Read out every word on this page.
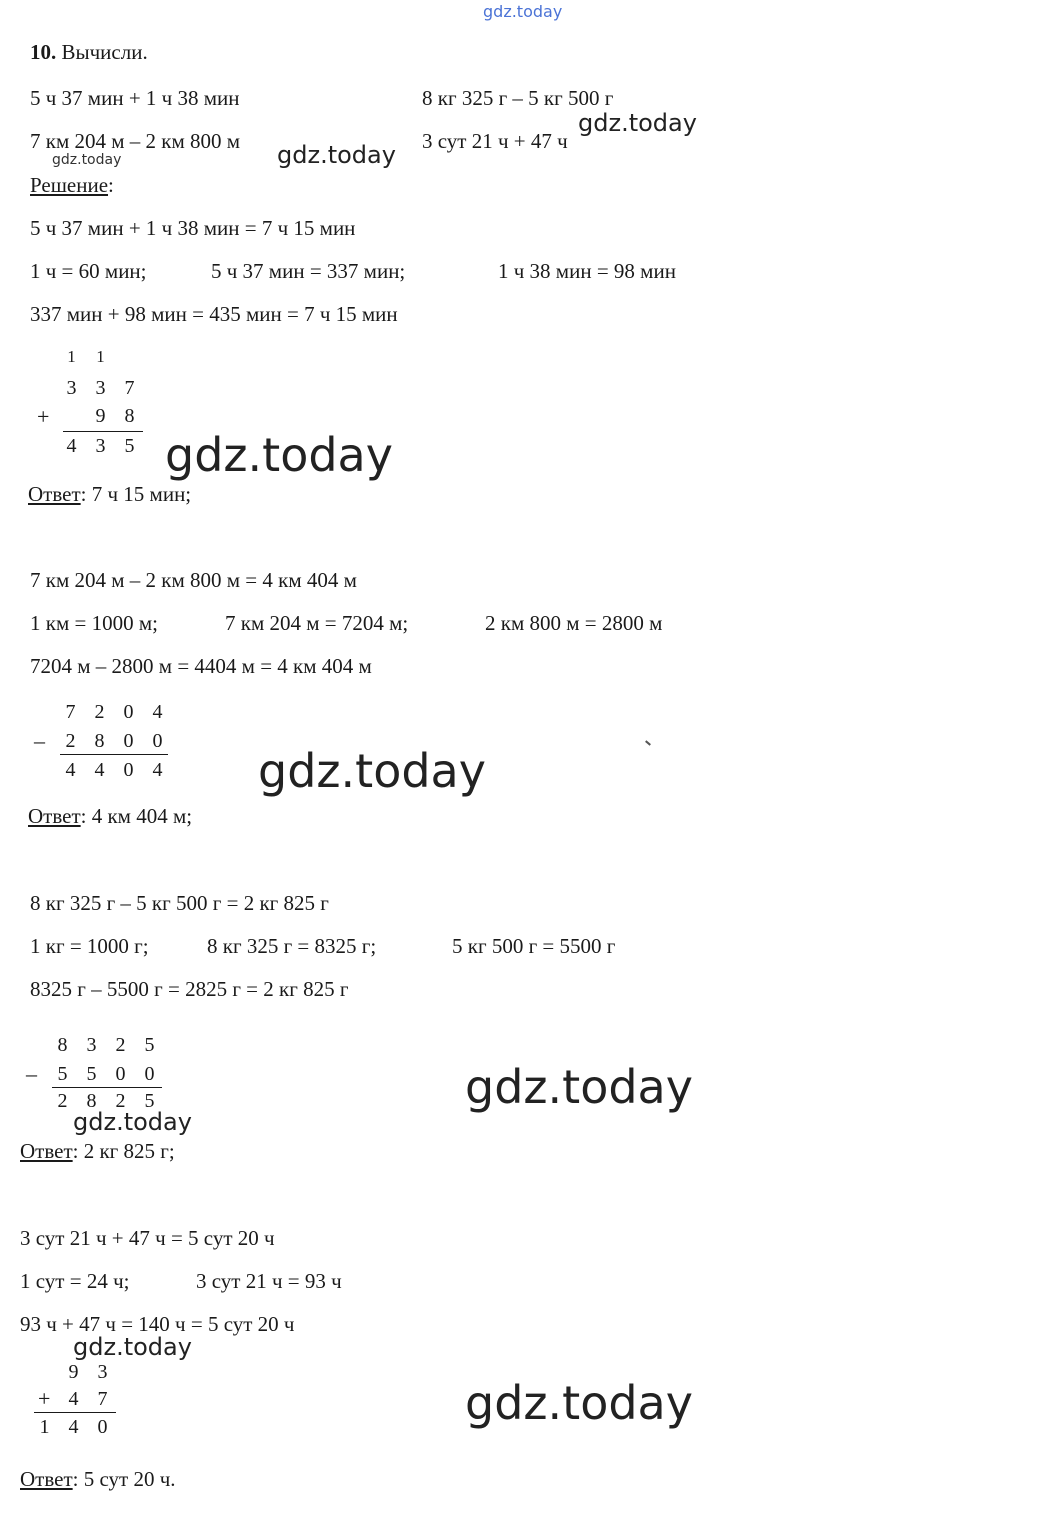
gdz.today
10. Вычисли.
5 ч 37 мин + 1 ч 38 мин	8 кг 325 г – 5 кг 500 г
7 км 204 м – 2 км 800 м	3 сут 21 ч + 47 ч
gdz.today
gdz.today
gdz.today
Решение:
5 ч 37 мин + 1 ч 38 мин = 7 ч 15 мин
1 ч = 60 мин;	5 ч 37 мин = 337 мин;	1 ч 38 мин = 98 мин
337 мин + 98 мин = 435 мин = 7 ч 15 мин
1	1
3 3 7
+	9 8
4 3 5 gdz.today
Ответ: 7 ч 15 мин;
7 км 204 м – 2 км 800 м = 4 км 404 м
1 км = 1000 м;	7 км 204 м = 7204 м;	2 км 800 м = 2800 м
7204 м – 2800 м = 4404 м = 4 км 404 м
7 2 0 4
–	2 8 0 0
4 4 0 4 gdz.today
Ответ: 4 км 404 м;
8 кг 325 г – 5 кг 500 г = 2 кг 825 г
1 кг = 1000 г;	8 кг 325 г = 8325 г;	5 кг 500 г = 5500 г
8325 г – 5500 г = 2825 г = 2 кг 825 г
8 3 2 5
–	5 5 0 0
2 8 2 5
gdz.today
gdz.today
Ответ: 2 кг 825 г;
3 сут 21 ч + 47 ч = 5 сут 20 ч
1 сут = 24 ч;	3 сут 21 ч = 93 ч
93 ч + 47 ч = 140 ч = 5 сут 20 ч
gdz.today
9 3
+ 4 7
1 4 0	gdz.today
Ответ: 5 сут 20 ч.
